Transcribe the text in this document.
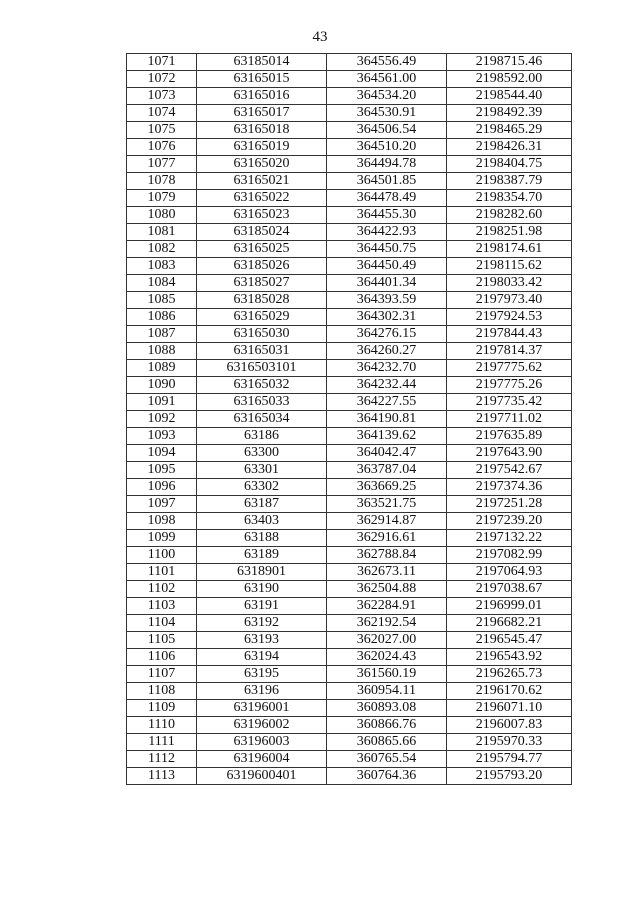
43
1071	63185014	364556.49	2198715.46
1072	63165015	364561.00	2198592.00
1073	63165016	364534.20	2198544.40
1074	63165017	364530.91	2198492.39
1075	63165018	364506.54	2198465.29
1076	63165019	364510.20	2198426.31
1077	63165020	364494.78	2198404.75
1078	63165021	364501.85	2198387.79
1079	63165022	364478.49	2198354.70
1080	63165023	364455.30	2198282.60
1081	63185024	364422.93	2198251.98
1082	63165025	364450.75	2198174.61
1083	63185026	364450.49	2198115.62
1084	63185027	364401.34	2198033.42
1085	63185028	364393.59	2197973.40
1086	63165029	364302.31	2197924.53
1087	63165030	364276.15	2197844.43
1088	63165031	364260.27	2197814.37
1089	6316503101	364232.70	2197775.62
1090	63165032	364232.44	2197775.26
1091	63165033	364227.55	2197735.42
1092	63165034	364190.81	2197711.02
1093	63186	364139.62	2197635.89
1094	63300	364042.47	2197643.90
1095	63301	363787.04	2197542.67
1096	63302	363669.25	2197374.36
1097	63187	363521.75	2197251.28
1098	63403	362914.87	2197239.20
1099	63188	362916.61	2197132.22
1100	63189	362788.84	2197082.99
1101	6318901	362673.11	2197064.93
1102	63190	362504.88	2197038.67
1103	63191	362284.91	2196999.01
1104	63192	362192.54	2196682.21
1105	63193	362027.00	2196545.47
1106	63194	362024.43	2196543.92
1107	63195	361560.19	2196265.73
1108	63196	360954.11	2196170.62
1109	63196001	360893.08	2196071.10
1110	63196002	360866.76	2196007.83
1111	63196003	360865.66	2195970.33
1112	63196004	360765.54	2195794.77
1113	6319600401	360764.36	2195793.20
